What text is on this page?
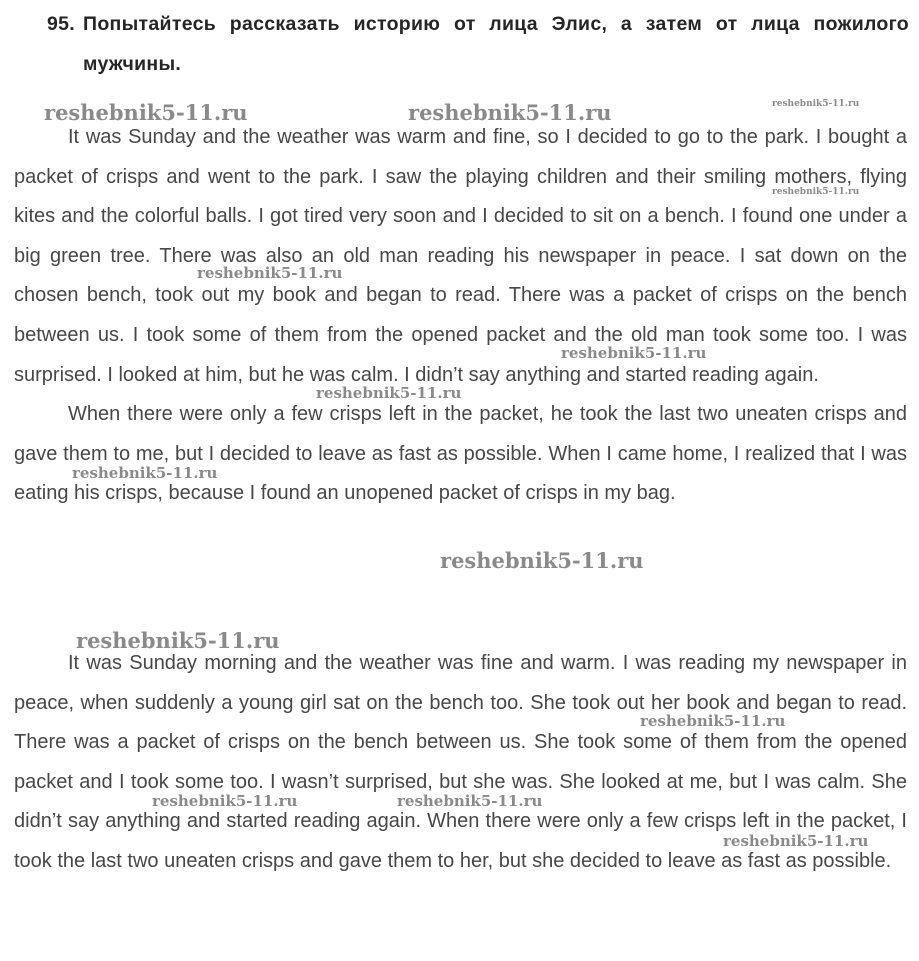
95. Попытайтесь рассказать историю от лица Элис, а затем от лица пожилого мужчины.

It was Sunday and the weather was warm and fine, so I decided to go to the park. I bought a packet of crisps and went to the park. I saw the playing children and their smiling mothers, flying kites and the colorful balls. I got tired very soon and I decided to sit on a bench. I found one under a big green tree. There was also an old man reading his newspaper in peace. I sat down on the chosen bench, took out my book and began to read. There was a packet of crisps on the bench between us. I took some of them from the opened packet and the old man took some too. I was surprised. I looked at him, but he was calm. I didn’t say anything and started reading again.

When there were only a few crisps left in the packet, he took the last two uneaten crisps and gave them to me, but I decided to leave as fast as possible. When I came home, I realized that I was eating his crisps, because I found an unopened packet of crisps in my bag.

It was Sunday morning and the weather was fine and warm. I was reading my newspaper in peace, when suddenly a young girl sat on the bench too. She took out her book and began to read. There was a packet of crisps on the bench between us. She took some of them from the opened packet and I took some too. I wasn’t surprised, but she was. She looked at me, but I was calm. She didn’t say anything and started reading again. When there were only a few crisps left in the packet, I took the last two uneaten crisps and gave them to her, but she decided to leave as fast as possible.

reshebnik5-11.ru	reshebnik5-11.ru	reshebnik5-11.ru
reshebnik5-11.ru
reshebnik5-11.ru
reshebnik5-11.ru
reshebnik5-11.ru
reshebnik5-11.ru
reshebnik5-11.ru
reshebnik5-11.ru
reshebnik5-11.ru
reshebnik5-11.ru	reshebnik5-11.ru
reshebnik5-11.ru
